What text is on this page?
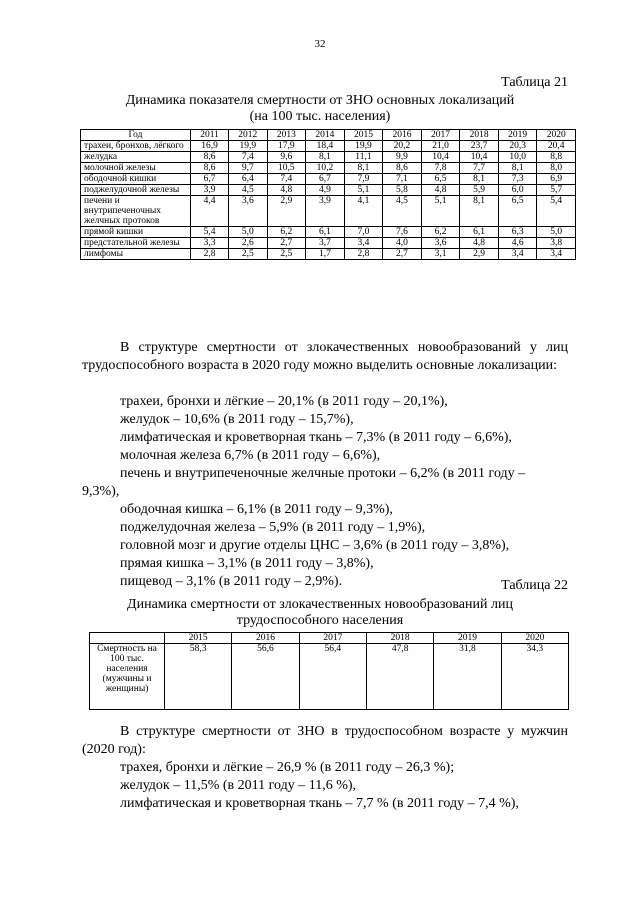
32
Таблица 21
Динамика показателя смертности от ЗНО основных локализаций
(на 100 тыс. населения)
Год	2011	2012	2013	2014	2015	2016	2017	2018	2019	2020
трахеи, бронхов, лёгкого	16,9	19,9	17,9	18,4	19,9	20,2	21,0	23,7	20,3	20,4
желудка	8,6	7,4	9,6	8,1	11,1	9,9	10,4	10,4	10,0	8,8
молочной железы	8,6	9,7	10,5	10,2	8,1	8,6	7,8	7,7	8,1	8,0
ободочной кишки	6,7	6,4	7,4	6,7	7,9	7,1	6,5	8,1	7,3	6,9
поджелудочной железы	3,9	4,5	4,8	4,9	5,1	5,8	4,8	5,9	6,0	5,7
печени и внутрипеченочных желчных протоков	4,4	3,6	2,9	3,9	4,1	4,5	5,1	8,1	6,5	5,4
прямой кишки	5,4	5,0	6,2	6,1	7,0	7,6	6,2	6,1	6,3	5,0
предстательной железы	3,3	2,6	2,7	3,7	3,4	4,0	3,6	4,8	4,6	3,8
лимфомы	2,8	2,5	2,5	1,7	2,8	2,7	3,1	2,9	3,4	3,4
В структуре смертности от злокачественных новообразований у лиц трудоспособного возраста в 2020 году можно выделить основные локализации:
трахеи, бронхи и лёгкие – 20,1% (в 2011 году – 20,1%),
желудок – 10,6% (в 2011 году – 15,7%),
лимфатическая и кроветворная ткань – 7,3% (в 2011 году – 6,6%),
молочная железа 6,7% (в 2011 году – 6,6%),
печень и внутрипеченочные желчные протоки – 6,2% (в 2011 году –
9,3%),
ободочная кишка – 6,1% (в 2011 году – 9,3%),
поджелудочная железа – 5,9% (в 2011 году – 1,9%),
головной мозг и другие отделы ЦНС – 3,6% (в 2011 году – 3,8%),
прямая кишка – 3,1% (в 2011 году – 3,8%),
пищевод – 3,1% (в 2011 году – 2,9%).	Таблица 22
Динамика смертности от злокачественных новообразований лиц
трудоспособного населения
	2015	2016	2017	2018	2019	2020
Смертность на 100 тыс. населения (мужчины и женщины)	58,3	56,6	56,4	47,8	31,8	34,3
В структуре смертности от ЗНО в трудоспособном возрасте у мужчин (2020 год):
трахея, бронхи и лёгкие – 26,9 % (в 2011 году – 26,3 %);
желудок – 11,5% (в 2011 году – 11,6 %),
лимфатическая и кроветворная ткань – 7,7 % (в 2011 году – 7,4 %),
